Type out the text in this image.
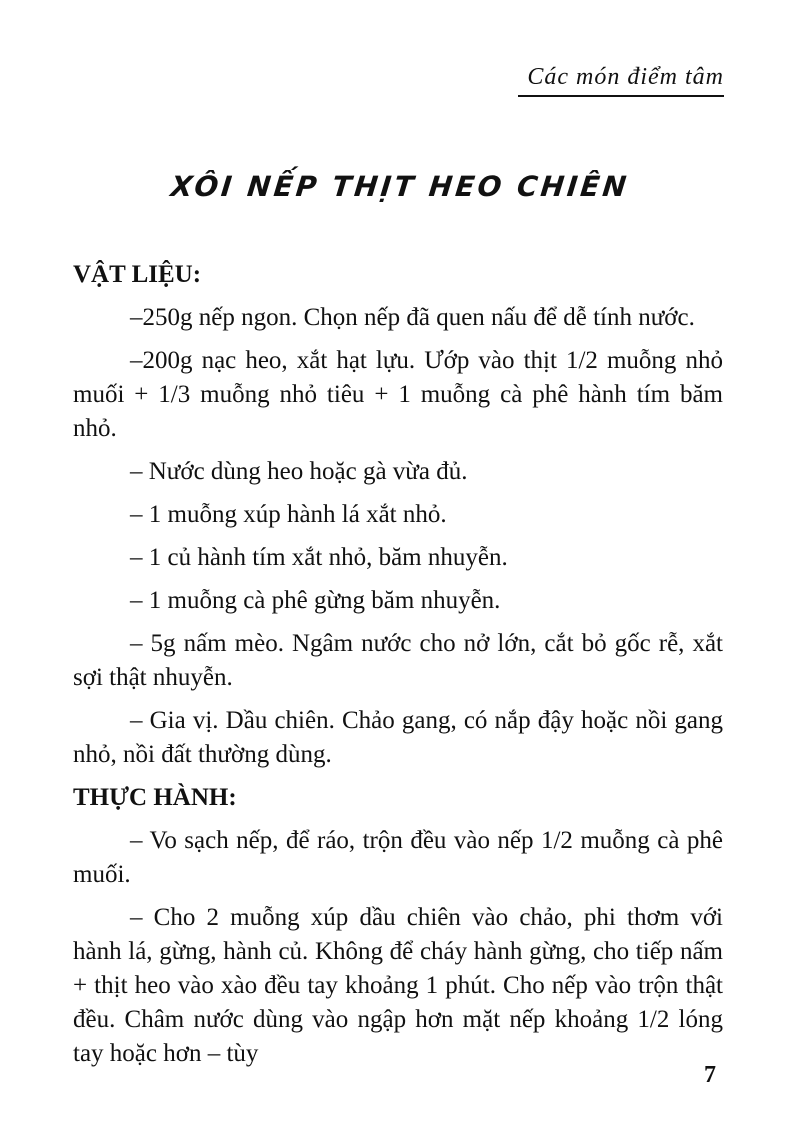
Các món điểm tâm
XÔI NẾP THỊT HEO CHIÊN
VẬT LIỆU:

–250g nếp ngon. Chọn nếp đã quen nấu để dễ tính nước.

–200g nạc heo, xắt hạt lựu. Ướp vào thịt 1/2 muỗng nhỏ muối + 1/3 muỗng nhỏ tiêu + 1 muỗng cà phê hành tím băm nhỏ.

– Nước dùng heo hoặc gà vừa đủ.

– 1 muỗng xúp hành lá xắt nhỏ.

– 1 củ hành tím xắt nhỏ, băm nhuyễn.

– 1 muỗng cà phê gừng băm nhuyễn.

– 5g nấm mèo. Ngâm nước cho nở lớn, cắt bỏ gốc rễ, xắt sợi thật nhuyễn.

– Gia vị. Dầu chiên. Chảo gang, có nắp đậy hoặc nồi gang nhỏ, nồi đất thường dùng.

THỰC HÀNH:

– Vo sạch nếp, để ráo, trộn đều vào nếp 1/2 muỗng cà phê muối.

– Cho 2 muỗng xúp dầu chiên vào chảo, phi thơm với hành lá, gừng, hành củ. Không để cháy hành gừng, cho tiếp nấm + thịt heo vào xào đều tay khoảng 1 phút. Cho nếp vào trộn thật đều. Châm nước dùng vào ngập hơn mặt nếp khoảng 1/2 lóng tay hoặc hơn – tùy

7
